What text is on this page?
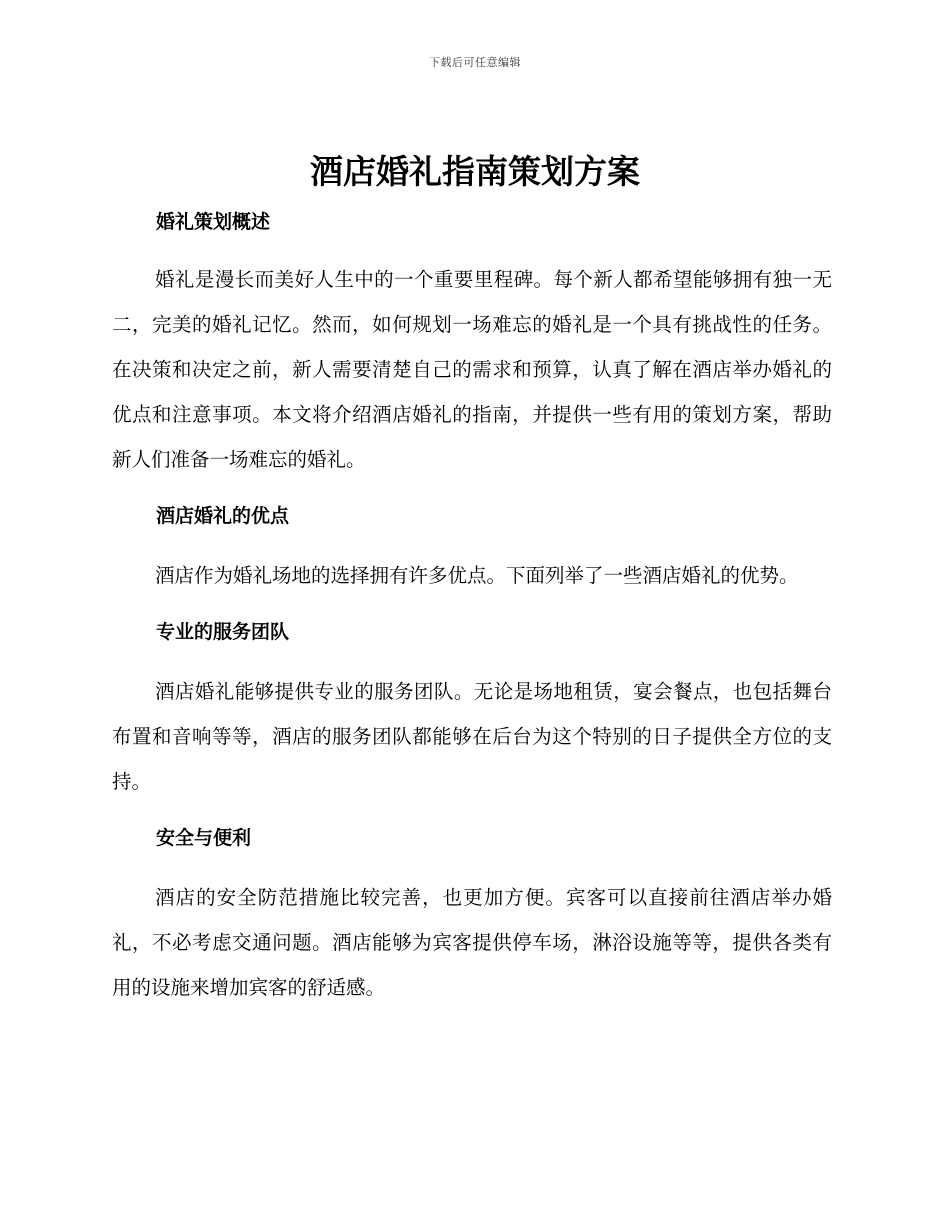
下载后可任意编辑
酒店婚礼指南策划方案
婚礼策划概述

婚礼是漫长而美好人生中的一个重要里程碑。每个新人都希望能够拥有独一无二，完美的婚礼记忆。然而，如何规划一场难忘的婚礼是一个具有挑战性的任务。在决策和决定之前，新人需要清楚自己的需求和预算，认真了解在酒店举办婚礼的优点和注意事项。本文将介绍酒店婚礼的指南，并提供一些有用的策划方案，帮助新人们准备一场难忘的婚礼。

酒店婚礼的优点

酒店作为婚礼场地的选择拥有许多优点。下面列举了一些酒店婚礼的优势。

专业的服务团队

酒店婚礼能够提供专业的服务团队。无论是场地租赁，宴会餐点，也包括舞台布置和音响等等，酒店的服务团队都能够在后台为这个特别的日子提供全方位的支持。

安全与便利

酒店的安全防范措施比较完善，也更加方便。宾客可以直接前往酒店举办婚礼，不必考虑交通问题。酒店能够为宾客提供停车场，淋浴设施等等，提供各类有用的设施来增加宾客的舒适感。
